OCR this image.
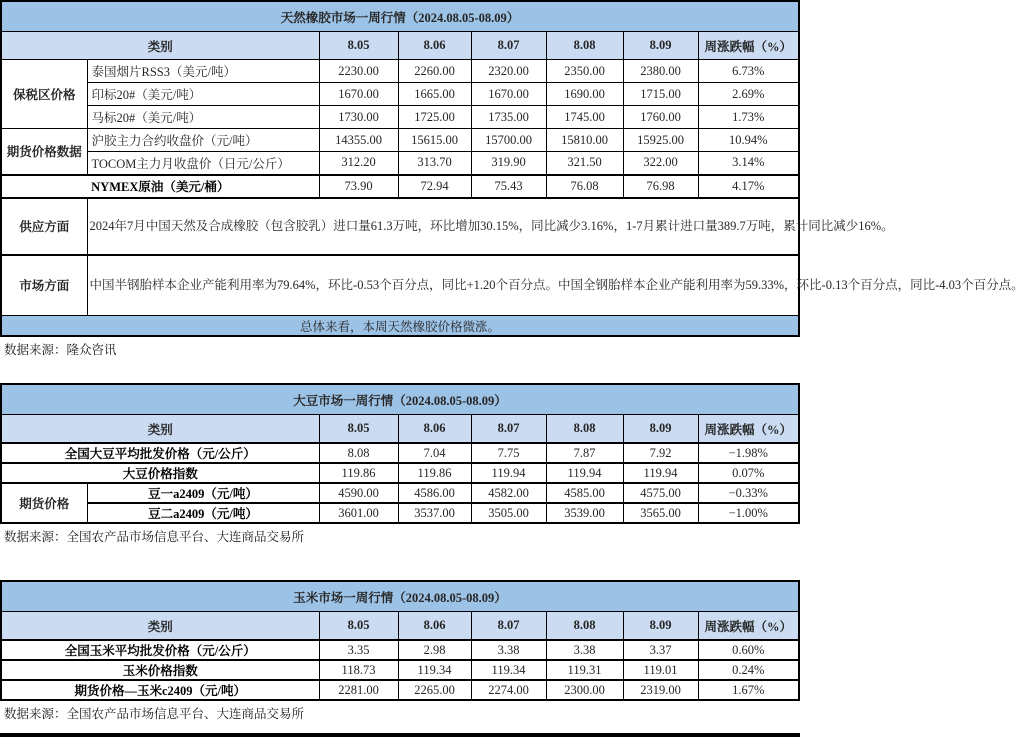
天然橡胶市场一周行情（2024.08.05-08.09）							
类别		8.05	8.06	8.07	8.08	8.09	周涨跌幅（%）
保税区价格	泰国烟片RSS3（美元/吨）	2230.00	2260.00	2320.00	2350.00	2380.00	6.73%
	印标20#（美元/吨）	1670.00	1665.00	1670.00	1690.00	1715.00	2.69%
	马标20#（美元/吨）	1730.00	1725.00	1735.00	1745.00	1760.00	1.73%
期货价格数据	沪胶主力合约收盘价（元/吨）	14355.00	15615.00	15700.00	15810.00	15925.00	10.94%
	TOCOM主力月收盘价（日元/公斤）	312.20	313.70	319.90	321.50	322.00	3.14%
NYMEX原油（美元/桶）		73.90	72.94	75.43	76.08	76.98	4.17%
供应方面	2024年7月中国天然及合成橡胶（包含胶乳）进口量61.3万吨，环比增加30.15%，同比减少3.16%，1-7月累计进口量389.7万吨，累计同比减少16%。						
市场方面	中国半钢胎样本企业产能利用率为79.64%，环比-0.53个百分点，同比+1.20个百分点。中国全钢胎样本企业产能利用率为59.33%，环比-0.13个百分点，同比-4.03个百分点。						
总体来看，本周天然橡胶价格微涨。							
数据来源：隆众咨讯
大豆市场一周行情（2024.08.05-08.09）							
类别		8.05	8.06	8.07	8.08	8.09	周涨跌幅（%）
全国大豆平均批发价格（元/公斤）		8.08	7.04	7.75	7.87	7.92	−1.98%
大豆价格指数		119.86	119.86	119.94	119.94	119.94	0.07%
期货价格	豆一a2409（元/吨）	4590.00	4586.00	4582.00	4585.00	4575.00	−0.33%
	豆二a2409（元/吨）	3601.00	3537.00	3505.00	3539.00	3565.00	−1.00%
数据来源：全国农产品市场信息平台、大连商品交易所
玉米市场一周行情（2024.08.05-08.09）						
类别	8.05	8.06	8.07	8.08	8.09	周涨跌幅（%）
全国玉米平均批发价格（元/公斤）	3.35	2.98	3.38	3.38	3.37	0.60%
玉米价格指数	118.73	119.34	119.34	119.31	119.01	0.24%
期货价格—玉米c2409（元/吨）	2281.00	2265.00	2274.00	2300.00	2319.00	1.67%
数据来源：全国农产品市场信息平台、大连商品交易所
